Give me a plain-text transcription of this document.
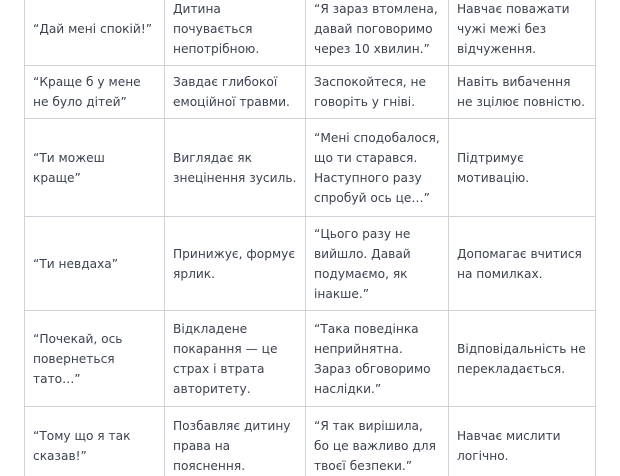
“Дай мені спокій!”	Дитина почувається непотрібною.	“Я зараз втомлена, давай поговоримо через 10 хвилин.”	Навчає поважати чужі межі без відчуження.

“Краще б у мене не було дітей”	Завдає глибокої емоційної травми.	Заспокойтеся, не говоріть у гніві.	Навіть вибачення не зцілює повністю.

“Ти можеш краще”	Виглядає як знецінення зусиль.	“Мені сподобалося, що ти старався. Наступного разу спробуй ось це…”	Підтримує мотивацію.

“Ти невдаха”	Принижує, формує ярлик.	“Цього разу не вийшло. Давай подумаємо, як інакше.”	Допомагає вчитися на помилках.

“Почекай, ось повернеться тато…”	Відкладене покарання — це страх і втрата авторитету.	“Така поведінка неприйнятна. Зараз обговоримо наслідки.”	Відповідальність не перекладається.

“Тому що я так сказав!”	Позбавляє дитину права на пояснення.	“Я так вирішила, бо це важливо для твоєї безпеки.”	Навчає мислити логічно.
